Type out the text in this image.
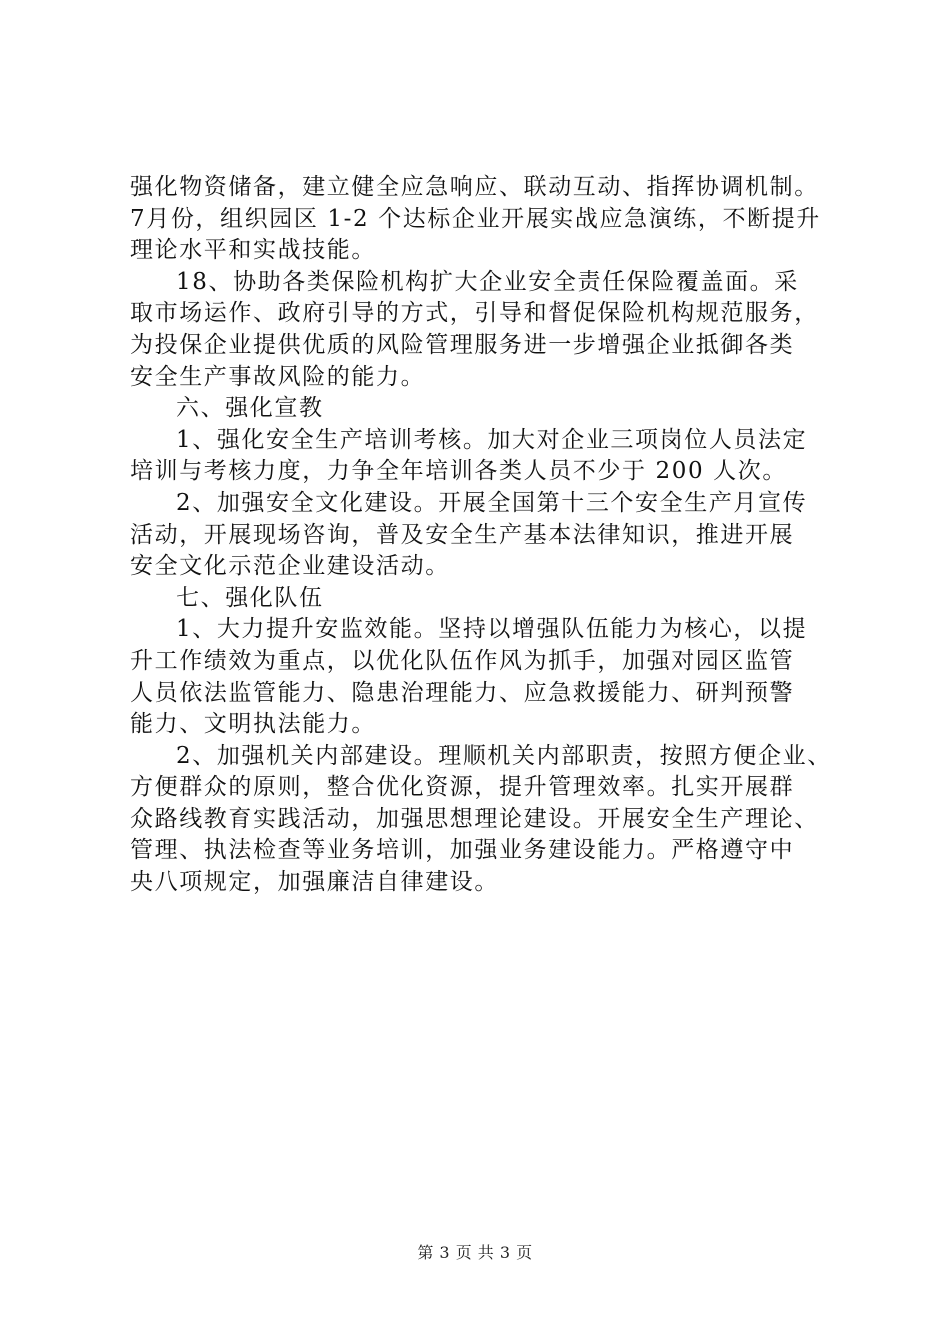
强化物资储备，建立健全应急响应、联动互动、指挥协调机制。
7月份，组织园区 1-2 个达标企业开展实战应急演练，不断提升
理论水平和实战技能。
18、协助各类保险机构扩大企业安全责任保险覆盖面。采
取市场运作、政府引导的方式，引导和督促保险机构规范服务，
为投保企业提供优质的风险管理服务进一步增强企业抵御各类
安全生产事故风险的能力。
六、强化宣教
1、强化安全生产培训考核。加大对企业三项岗位人员法定
培训与考核力度，力争全年培训各类人员不少于 200 人次。
2、加强安全文化建设。开展全国第十三个安全生产月宣传
活动，开展现场咨询，普及安全生产基本法律知识，推进开展
安全文化示范企业建设活动。
七、强化队伍
1、大力提升安监效能。坚持以增强队伍能力为核心，以提
升工作绩效为重点，以优化队伍作风为抓手，加强对园区监管
人员依法监管能力、隐患治理能力、应急救援能力、研判预警
能力、文明执法能力。
2、加强机关内部建设。理顺机关内部职责，按照方便企业、
方便群众的原则，整合优化资源，提升管理效率。扎实开展群
众路线教育实践活动，加强思想理论建设。开展安全生产理论、
管理、执法检查等业务培训，加强业务建设能力。严格遵守中
央八项规定，加强廉洁自律建设。
第 3 页 共 3 页
